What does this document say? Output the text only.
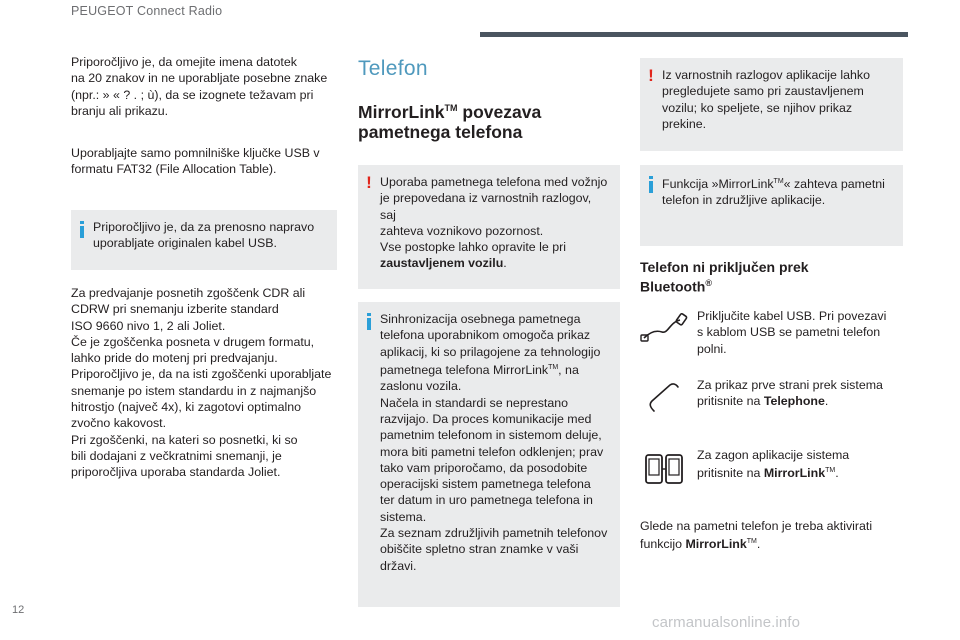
PEUGEOT Connect Radio

Priporočljivo je, da omejite imena datotek
na 20 znakov in ne uporabljate posebne znake
(npr.: » « ? . ; ù), da se izognete težavam pri
branju ali prikazu.

Uporabljajte samo pomnilniške ključke USB v
formatu FAT32 (File Allocation Table).

Priporočljivo je, da za prenosno napravo
uporabljate originalen kabel USB.

Za predvajanje posnetih zgoščenk CDR ali
CDRW pri snemanju izberite standard
ISO 9660 nivo 1, 2 ali Joliet.
Če je zgoščenka posneta v drugem formatu,
lahko pride do motenj pri predvajanju.
Priporočljivo je, da na isti zgoščenki uporabljate
snemanje po istem standardu in z najmanjšo
hitrostjo (največ 4x), ki zagotovi optimalno
zvočno kakovost.
Pri zgoščenki, na kateri so posnetki, ki so
bili dodajani z večkratnimi snemanji, je
priporočljiva uporaba standarda Joliet.

Telefon
MirrorLink™ povezava
pametnega telefona
! Uporaba pametnega telefona med vožnjo
je prepovedana iz varnostnih razlogov, saj
zahteva voznikovo pozornost.
Vse postopke lahko opravite le pri
zaustavljenem vozilu.

Sinhronizacija osebnega pametnega
telefona uporabnikom omogoča prikaz
aplikacij, ki so prilagojene za tehnologijo
pametnega telefona MirrorLink™, na
zaslonu vozila.
Načela in standardi se neprestano
razvijajo. Da proces komunikacije med
pametnim telefonom in sistemom deluje,
mora biti pametni telefon odklenjen; prav
tako vam priporočamo, da posodobite
operacijski sistem pametnega telefona
ter datum in uro pametnega telefona in
sistema.
Za seznam združljivih pametnih telefonov
obiščite spletno stran znamke v vaši
državi.

! Iz varnostnih razlogov aplikacije lahko
pregledujete samo pri zaustavljenem
vozilu; ko speljete, se njihov prikaz
prekine.

Funkcija »MirrorLink™« zahteva pametni
telefon in združljive aplikacije.

Telefon ni priključen prek
Bluetooth®
Priključite kabel USB. Pri povezavi
s kablom USB se pametni telefon
polni.
Za prikaz prve strani prek sistema
pritisnite na Telephone.
Za zagon aplikacije sistema
pritisnite na MirrorLink™.

Glede na pametni telefon je treba aktivirati
funkcijo MirrorLink™.

12
carmanualsonline.info
